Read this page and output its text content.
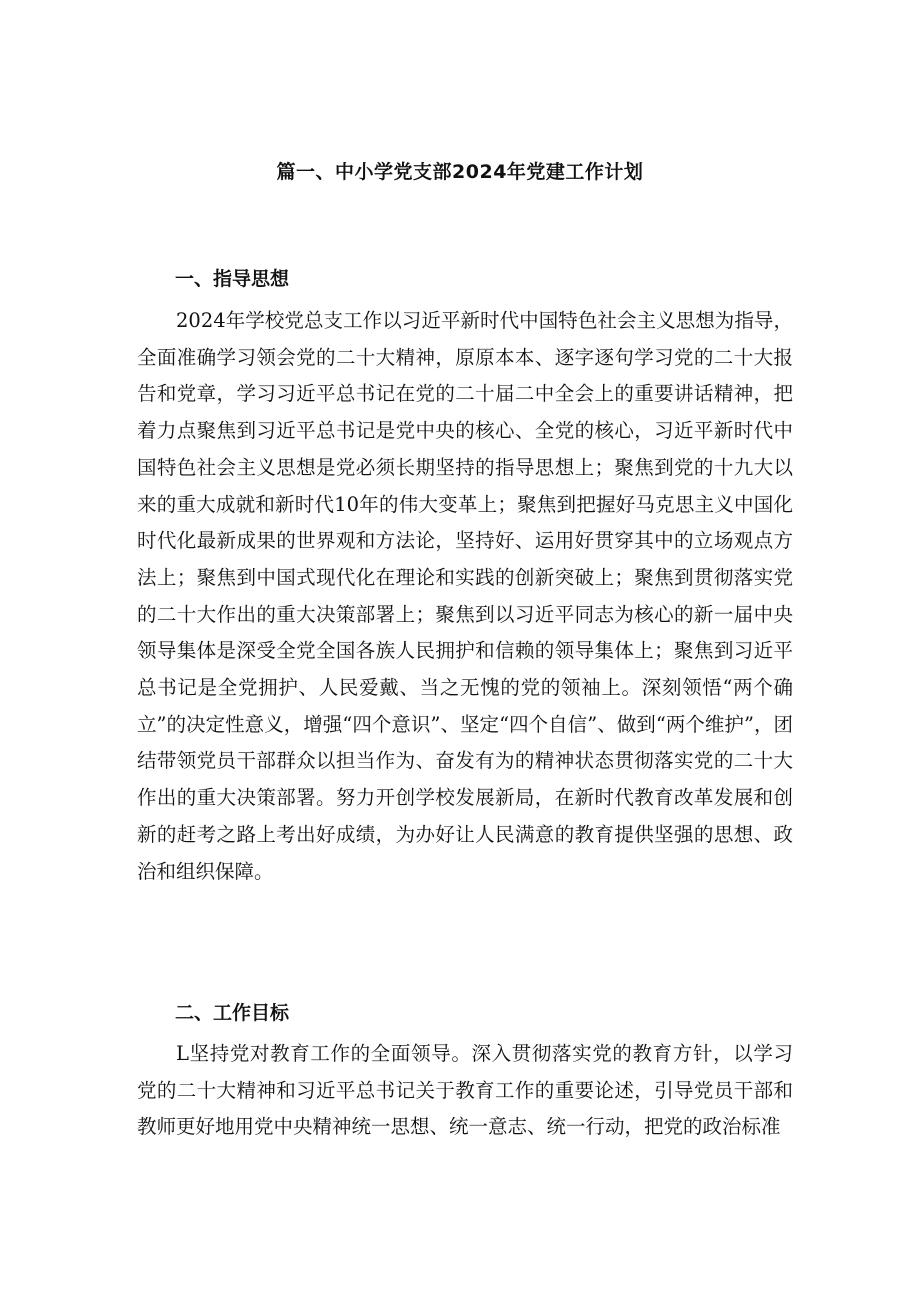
篇一、中小学党支部2024年党建工作计划
一、指导思想

2024年学校党总支工作以习近平新时代中国特色社会主义思想为指导，全面准确学习领会党的二十大精神，原原本本、逐字逐句学习党的二十大报告和党章，学习习近平总书记在党的二十届二中全会上的重要讲话精神，把着力点聚焦到习近平总书记是党中央的核心、全党的核心，习近平新时代中国特色社会主义思想是党必须长期坚持的指导思想上；聚焦到党的十九大以来的重大成就和新时代10年的伟大变革上；聚焦到把握好马克思主义中国化时代化最新成果的世界观和方法论，坚持好、运用好贯穿其中的立场观点方法上；聚焦到中国式现代化在理论和实践的创新突破上；聚焦到贯彻落实党的二十大作出的重大决策部署上；聚焦到以习近平同志为核心的新一届中央领导集体是深受全党全国各族人民拥护和信赖的领导集体上；聚焦到习近平总书记是全党拥护、人民爱戴、当之无愧的党的领袖上。深刻领悟“两个确立”的决定性意义，增强“四个意识”、坚定“四个自信”、做到“两个维护”，团结带领党员干部群众以担当作为、奋发有为的精神状态贯彻落实党的二十大作出的重大决策部署。努力开创学校发展新局，在新时代教育改革发展和创新的赶考之路上考出好成绩，为办好让人民满意的教育提供坚强的思想、政治和组织保障。

二、工作目标

L坚持党对教育工作的全面领导。深入贯彻落实党的教育方针，以学习党的二十大精神和习近平总书记关于教育工作的重要论述，引导党员干部和教师更好地用党中央精神统一思想、统一意志、统一行动，把党的政治标准
